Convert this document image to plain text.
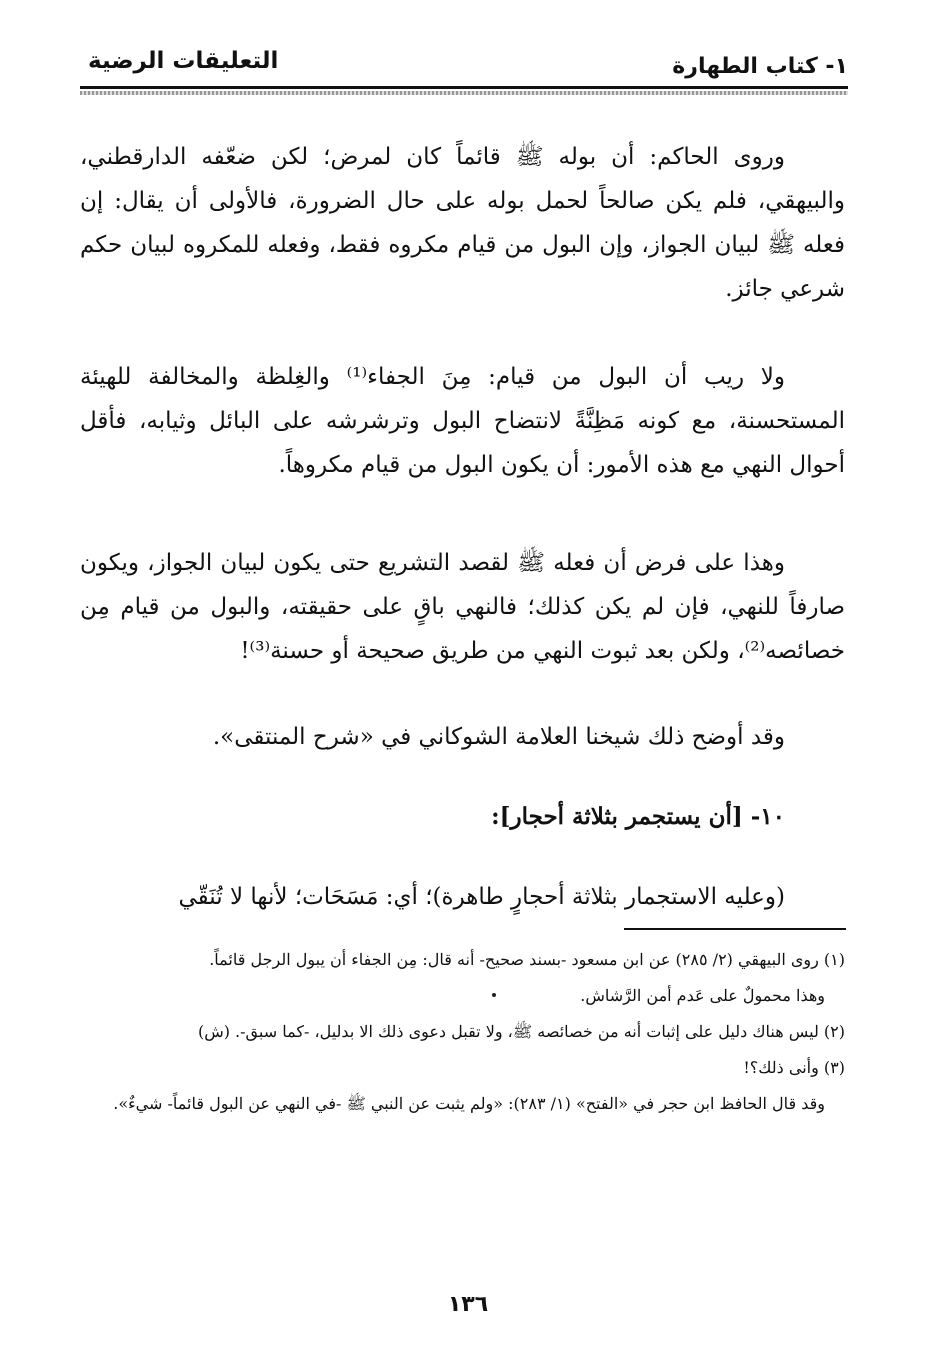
١- كتاب الطهارة
التعليقات الرضية

وروى الحاكم: أن بوله ﷺ قائماً كان لمرض؛ لكن ضعّفه الدارقطني، والبيهقي، فلم يكن صالحاً لحمل بوله على حال الضرورة، فالأولى أن يقال: إن فعله ﷺ لبيان الجواز، وإن البول من قيام مكروه فقط، وفعله للمكروه لبيان حكم شرعي جائز.

ولا ريب أن البول من قيام: مِنَ الجفاء⁽¹⁾ والغِلظة والمخالفة للهيئة المستحسنة، مع كونه مَظِنَّةً لانتضاح البول وترشرشه على البائل وثيابه، فأقل أحوال النهي مع هذه الأمور: أن يكون البول من قيام مكروهاً.

وهذا على فرض أن فعله ﷺ لقصد التشريع حتى يكون لبيان الجواز، ويكون صارفاً للنهي، فإن لم يكن كذلك؛ فالنهي باقٍ على حقيقته، والبول من قيام مِن خصائصه⁽²⁾، ولكن بعد ثبوت النهي من طريق صحيحة أو حسنة⁽³⁾!

وقد أوضح ذلك شيخنا العلامة الشوكاني في «شرح المنتقى».

١٠- [أن يستجمر بثلاثة أحجار]:

(وعليه الاستجمار بثلاثة أحجارٍ طاهرة)؛ أي: مَسَحَات؛ لأنها لا تُنَقّي

(١) روى البيهقي (٢/ ٢٨٥) عن ابن مسعود -بسند صحيح- أنه قال: مِن الجفاء أن يبول الرجل قائماً.

وهذا محمولٌ على عَدم أمن الرَّشاش.

(٢) ليس هناك دليل على إثبات أنه من خصائصه ﷺ، ولا تقبل دعوى ذلك الا بدليل، -كما سبق-. (ش)

(٣) وأنى ذلك؟!

وقد قال الحافظ ابن حجر في «الفتح» (١/ ٢٨٣): «ولم يثبت عن النبي ﷺ -في النهي عن البول قائماً- شيءٌ».

١٣٦
